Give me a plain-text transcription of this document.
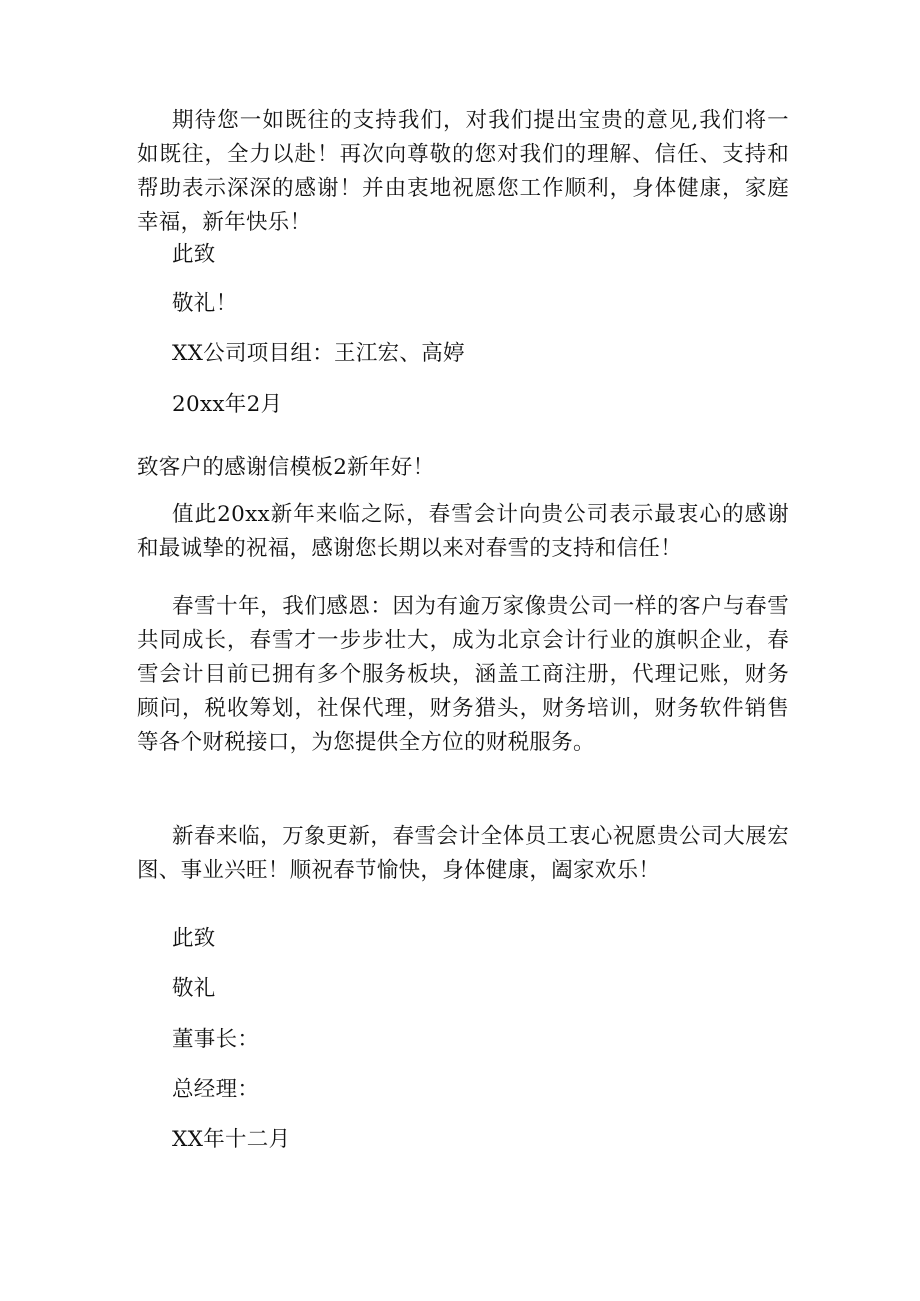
期待您一如既往的支持我们，对我们提出宝贵的意见,我们将一如既往，全力以赴！再次向尊敬的您对我们的理解、信任、支持和帮助表示深深的感谢！并由衷地祝愿您工作顺利，身体健康，家庭幸福，新年快乐！

此致

敬礼！

XX公司项目组：王江宏、高婷

20xx年2月

致客户的感谢信模板2新年好！

值此20xx新年来临之际，春雪会计向贵公司表示最衷心的感谢和最诚挚的祝福，感谢您长期以来对春雪的支持和信任！

春雪十年，我们感恩：因为有逾万家像贵公司一样的客户与春雪共同成长，春雪才一步步壮大，成为北京会计行业的旗帜企业，春雪会计目前已拥有多个服务板块，涵盖工商注册，代理记账，财务顾问，税收筹划，社保代理，财务猎头，财务培训，财务软件销售等各个财税接口，为您提供全方位的财税服务。

新春来临，万象更新，春雪会计全体员工衷心祝愿贵公司大展宏图、事业兴旺！顺祝春节愉快，身体健康，阖家欢乐！

此致

敬礼

董事长：

总经理：

XX年十二月
